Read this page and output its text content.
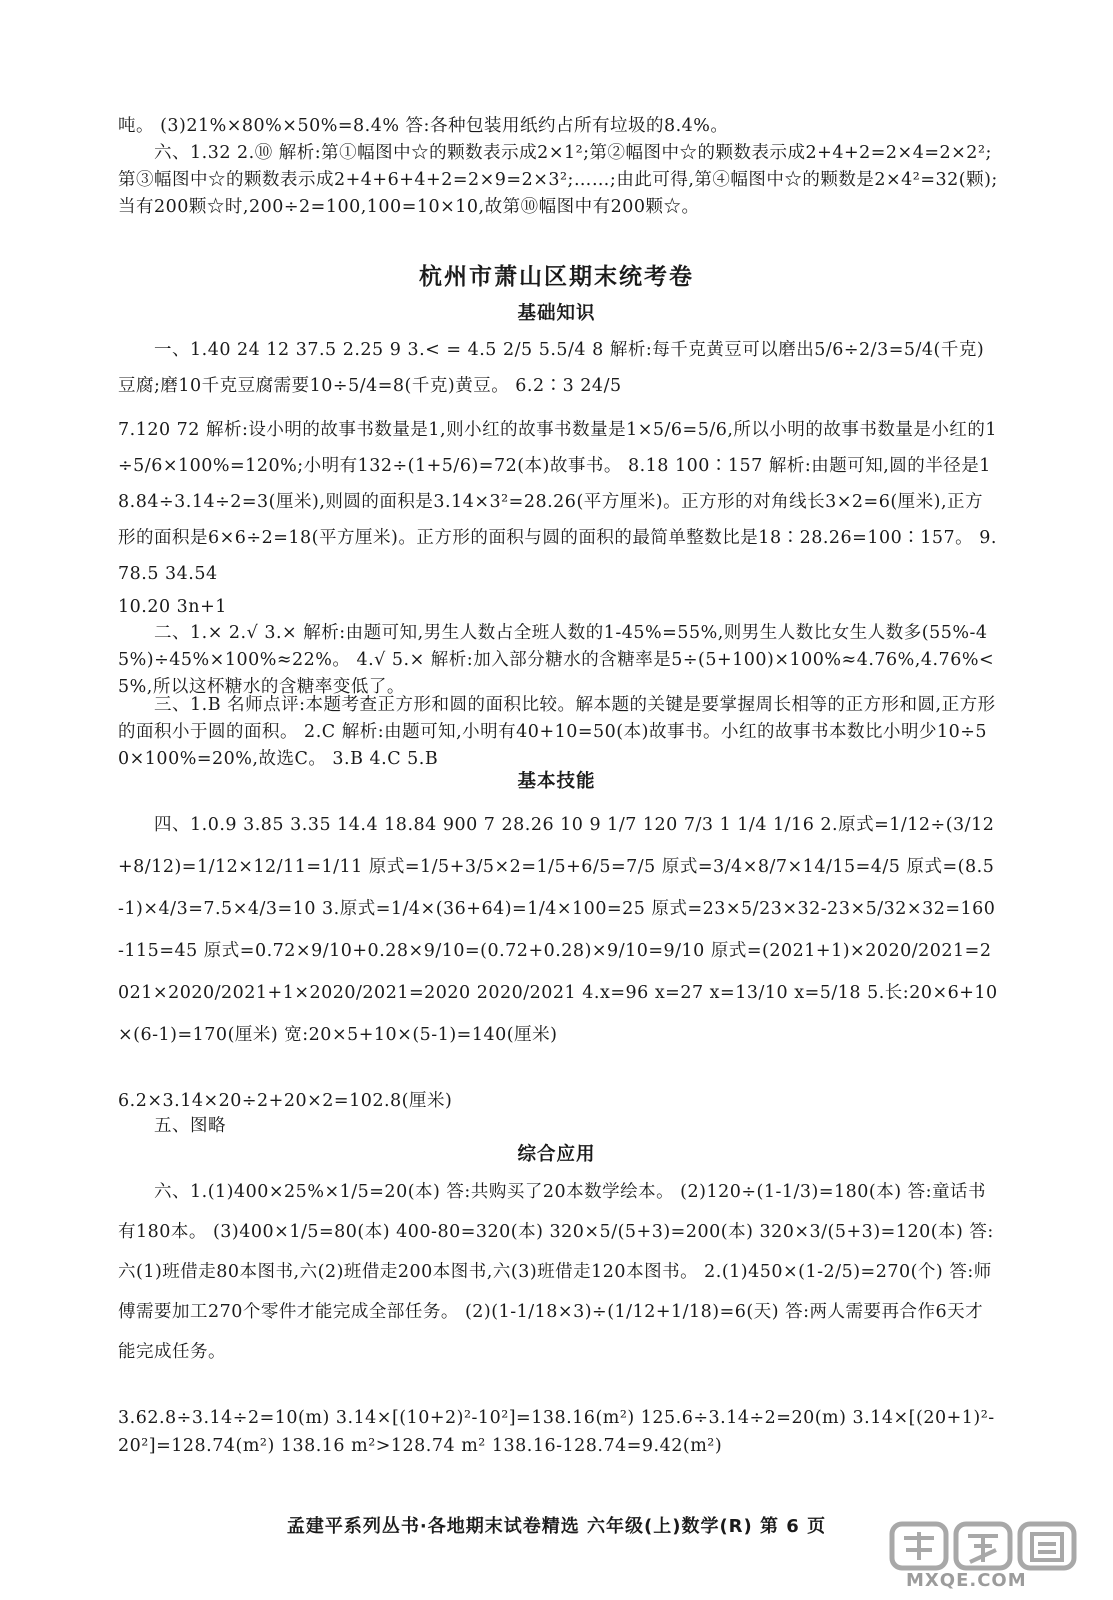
吨。 (3)21%×80%×50%=8.4% 答:各种包装用纸约占所有垃圾的8.4%。

六、1.32 2.⑩ 解析:第①幅图中☆的颗数表示成2×1²;第②幅图中☆的颗数表示成2+4+2=2×4=2×2²;第③幅图中☆的颗数表示成2+4+6+4+2=2×9=2×3²;……;由此可得,第④幅图中☆的颗数是2×4²=32(颗);当有200颗☆时,200÷2=100,100=10×10,故第⑩幅图中有200颗☆。

杭州市萧山区期末统考卷
基础知识

一、1.40 24 12 37.5 2.25 9 3.< = 4.5 2/5 5.5/4 8 解析:每千克黄豆可以磨出5/6÷2/3=5/4(千克)豆腐;磨10千克豆腐需要10÷5/4=8(千克)黄豆。 6.2∶3 24/5

7.120 72 解析:设小明的故事书数量是1,则小红的故事书数量是1×5/6=5/6,所以小明的故事书数量是小红的1÷5/6×100%=120%;小明有132÷(1+5/6)=72(本)故事书。 8.18 100∶157 解析:由题可知,圆的半径是18.84÷3.14÷2=3(厘米),则圆的面积是3.14×3²=28.26(平方厘米)。正方形的对角线长3×2=6(厘米),正方形的面积是6×6÷2=18(平方厘米)。正方形的面积与圆的面积的最简单整数比是18∶28.26=100∶157。 9.78.5 34.54

10.20 3n+1

二、1.× 2.√ 3.× 解析:由题可知,男生人数占全班人数的1-45%=55%,则男生人数比女生人数多(55%-45%)÷45%×100%≈22%。 4.√ 5.× 解析:加入部分糖水的含糖率是5÷(5+100)×100%≈4.76%,4.76%<5%,所以这杯糖水的含糖率变低了。

三、1.B 名师点评:本题考查正方形和圆的面积比较。解本题的关键是要掌握周长相等的正方形和圆,正方形的面积小于圆的面积。 2.C 解析:由题可知,小明有40+10=50(本)故事书。小红的故事书本数比小明少10÷50×100%=20%,故选C。 3.B 4.C 5.B

基本技能

四、1.0.9 3.85 3.35 14.4 18.84 900 7 28.26 10 9 1/7 120 7/3 1 1/4 1/16 2.原式=1/12÷(3/12+8/12)=1/12×12/11=1/11 原式=1/5+3/5×2=1/5+6/5=7/5 原式=3/4×8/7×14/15=4/5 原式=(8.5-1)×4/3=7.5×4/3=10 3.原式=1/4×(36+64)=1/4×100=25 原式=23×5/23×32-23×5/32×32=160-115=45 原式=0.72×9/10+0.28×9/10=(0.72+0.28)×9/10=9/10 原式=(2021+1)×2020/2021=2021×2020/2021+1×2020/2021=2020 2020/2021 4.x=96 x=27 x=13/10 x=5/18 5.长:20×6+10×(6-1)=170(厘米) 宽:20×5+10×(5-1)=140(厘米)

6.2×3.14×20÷2+20×2=102.8(厘米)

五、图略

综合应用

六、1.(1)400×25%×1/5=20(本) 答:共购买了20本数学绘本。 (2)120÷(1-1/3)=180(本) 答:童话书有180本。 (3)400×1/5=80(本) 400-80=320(本) 320×5/(5+3)=200(本) 320×3/(5+3)=120(本) 答:六(1)班借走80本图书,六(2)班借走200本图书,六(3)班借走120本图书。 2.(1)450×(1-2/5)=270(个) 答:师傅需要加工270个零件才能完成全部任务。 (2)(1-1/18×3)÷(1/12+1/18)=6(天) 答:两人需要再合作6天才能完成任务。

3.62.8÷3.14÷2=10(m) 3.14×[(10+2)²-10²]=138.16(m²) 125.6÷3.14÷2=20(m) 3.14×[(20+1)²-20²]=128.74(m²) 138.16 m²>128.74 m² 138.16-128.74=9.42(m²)

孟建平系列丛书·各地期末试卷精选 六年级(上)数学(R) 第 6 页
MXQE.COM
